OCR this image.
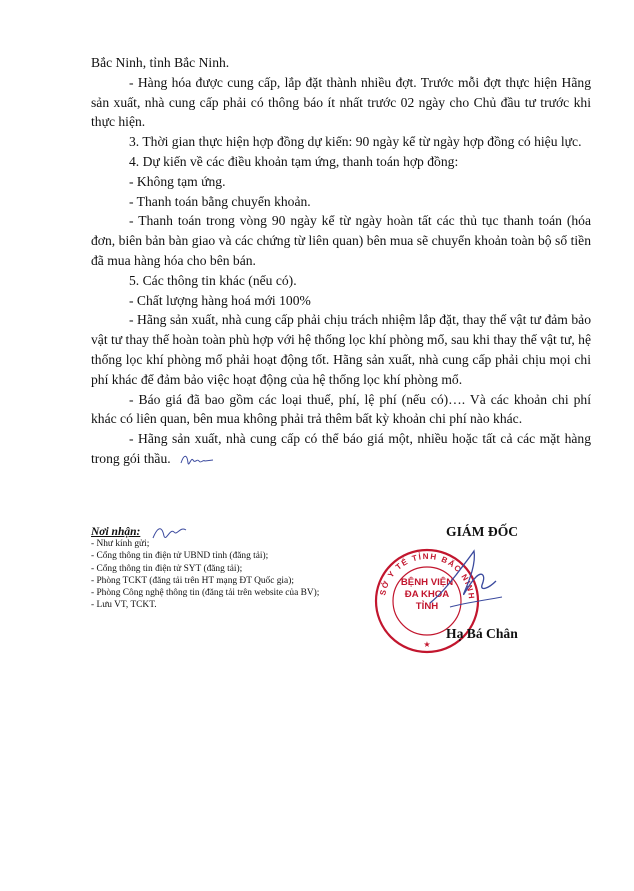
Bắc Ninh, tỉnh Bắc Ninh.

- Hàng hóa được cung cấp, lắp đặt thành nhiều đợt. Trước mỗi đợt thực hiện Hãng sản xuất, nhà cung cấp phải có thông báo ít nhất trước 02 ngày cho Chủ đầu tư trước khi thực hiện.

3. Thời gian thực hiện hợp đồng dự kiến: 90 ngày kể từ ngày hợp đồng có hiệu lực.

4. Dự kiến về các điều khoản tạm ứng, thanh toán hợp đồng:

- Không tạm ứng.

- Thanh toán bằng chuyển khoản.

- Thanh toán trong vòng 90 ngày kể từ ngày hoàn tất các thủ tục thanh toán (hóa đơn, biên bản bàn giao và các chứng từ liên quan) bên mua sẽ chuyển khoản toàn bộ số tiền đã mua hàng hóa cho bên bán.

5. Các thông tin khác (nếu có).

- Chất lượng hàng hoá mới 100%

- Hãng sản xuất, nhà cung cấp phải chịu trách nhiệm lắp đặt, thay thế vật tư đảm bảo vật tư thay thế hoàn toàn phù hợp với hệ thống lọc khí phòng mổ, sau khi thay thế vật tư, hệ thống lọc khí phòng mổ phải hoạt động tốt. Hãng sản xuất, nhà cung cấp phải chịu mọi chi phí khác để đảm bảo việc hoạt động của hệ thống lọc khí phòng mổ.

- Báo giá đã bao gồm các loại thuế, phí, lệ phí (nếu có)…. Và các khoản chi phí khác có liên quan, bên mua không phải trả thêm bất kỳ khoản chi phí nào khác.

- Hãng sản xuất, nhà cung cấp có thể báo giá một, nhiều hoặc tất cả các mặt hàng trong gói thầu.

Nơi nhận:
- Như kính gửi;
- Cổng thông tin điện tử UBND tỉnh (đăng tải);
- Cổng thông tin điện tử SYT (đăng tải);
- Phòng TCKT (đăng tải trên HT mạng ĐT Quốc gia);
- Phòng Công nghệ thông tin (đăng tải trên website của BV);
- Lưu VT, TCKT.
GIÁM ĐỐC
SỞ Y TẾ TỈNH BẮC NINH
★
BỆNH VIỆN
ĐA KHOA
TỈNH
Hạ Bá Chân
